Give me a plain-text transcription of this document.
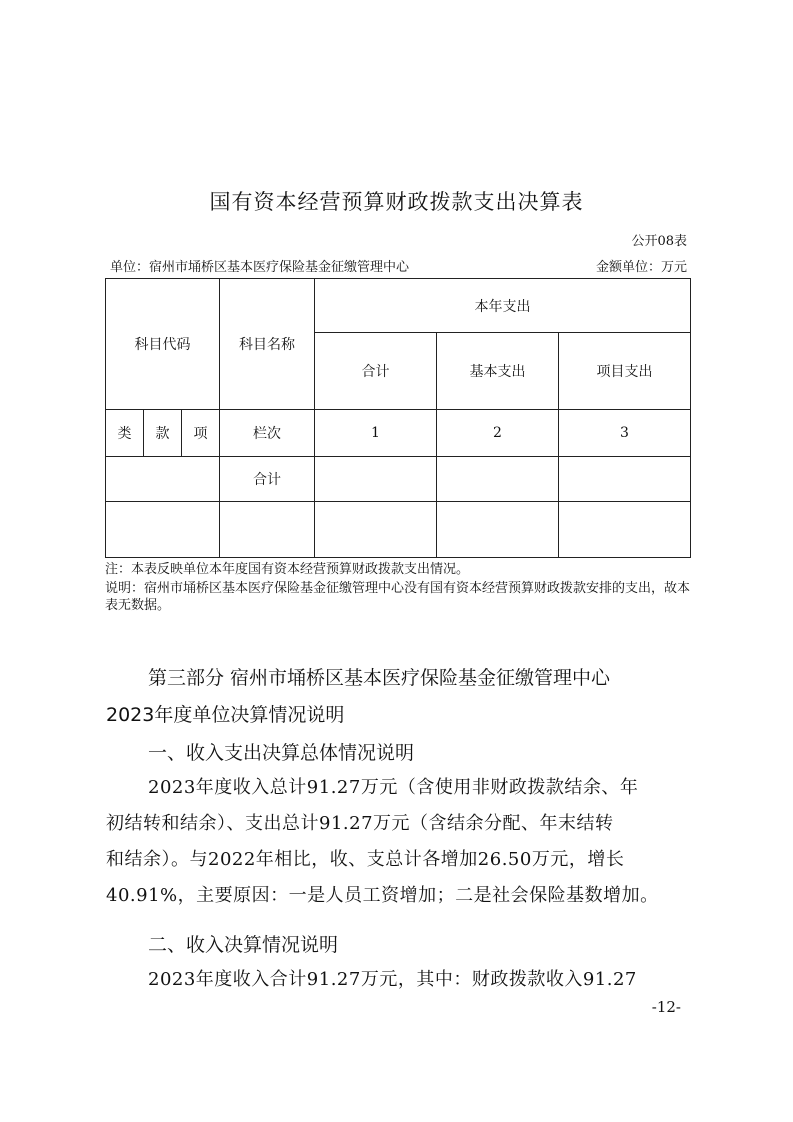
国有资本经营预算财政拨款支出决算表
公开08表
单位：宿州市埇桥区基本医疗保险基金征缴管理中心	金额单位：万元
科目代码			科目名称	本年支出		
				合计	基本支出	项目支出
类	款	项	栏次	1	2	3
			合计			

注：本表反映单位本年度国有资本经营预算财政拨款支出情况。
说明：宿州市埇桥区基本医疗保险基金征缴管理中心没有国有资本经营预算财政拨款安排的支出，故本表无数据。
第三部分 宿州市埇桥区基本医疗保险基金征缴管理中心
2023年度单位决算情况说明
一、收入支出决算总体情况说明
2023年度收入总计91.27万元（含使用非财政拨款结余、年
初结转和结余）、支出总计91.27万元（含结余分配、年末结转
和结余）。与2022年相比，收、支总计各增加26.50万元，增长
40.91%，主要原因：一是人员工资增加；二是社会保险基数增加。
二、收入决算情况说明
2023年度收入合计91.27万元，其中：财政拨款收入91.27
-12-
